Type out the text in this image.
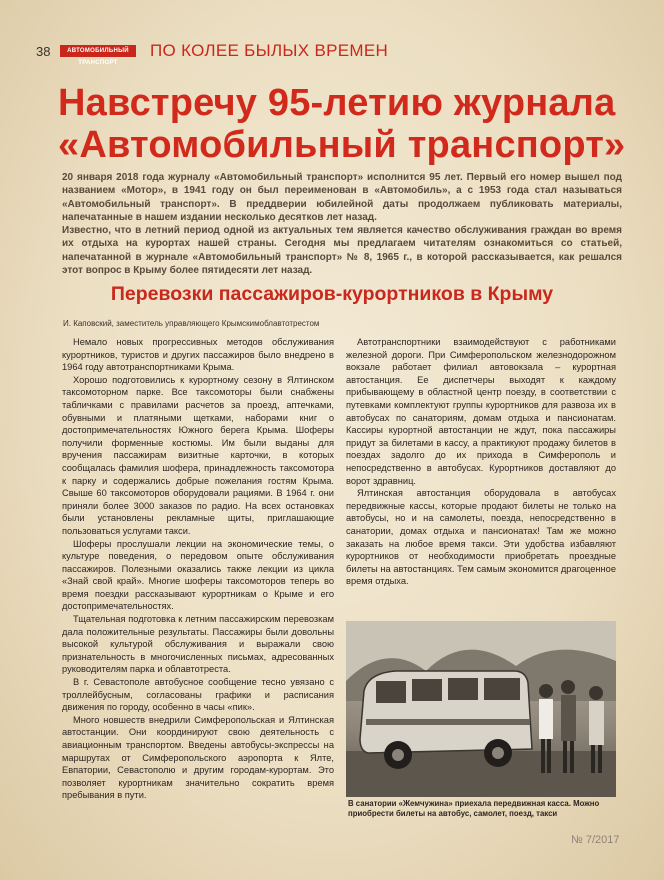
38	АВТОМОБИЛЬНЫЙ ТРАНСПОРТ
ПО КОЛЕЕ БЫЛЫХ ВРЕМЕН
Навстречу 95-летию журнала «Автомобильный транспорт»

20 января 2018 года журналу «Автомобильный транспорт» исполнится 95 лет. Первый его номер вышел под названием «Мотор», в 1941 году он был переименован в «Автомобиль», а с 1953 года стал называться «Автомобильный транспорт». В преддверии юбилейной даты продолжаем публиковать материалы, напечатанные в нашем издании несколько десятков лет назад.

Известно, что в летний период одной из актуальных тем является качество обслуживания граждан во время их отдыха на курортах нашей страны. Сегодня мы предлагаем читателям ознакомиться со статьей, напечатанной в журнале «Автомобильный транспорт» № 8, 1965 г., в которой рассказывается, как решался этот вопрос в Крыму более пятидесяти лет назад.

Перевозки пассажиров-курортников в Крыму
И. Каповский, заместитель управляющего Крымскимоблавтотрестом

Немало новых прогрессивных методов обслуживания курортников, туристов и других пассажиров было внедрено в 1964 году автотранспортниками Крыма.

Хорошо подготовились к курортному сезону в Ялтинском таксомоторном парке. Все таксомоторы были снабжены табличками с правилами расчетов за проезд, аптечками, обувными и платяными щетками, наборами книг о достопримечательностях Южного берега Крыма. Шоферы получили форменные костюмы. Им были выданы для вручения пассажирам визитные карточки, в которых сообщалась фамилия шофера, принадлежность таксомотора к парку и содержались добрые пожелания гостям Крыма. Свыше 60 таксомоторов оборудовали рациями. В 1964 г. они приняли более 3000 заказов по радио. На всех остановках были установлены рекламные щиты, приглашающие пользоваться услугами такси.

Шоферы прослушали лекции на экономические темы, о культуре поведения, о передовом опыте обслуживания пассажиров. Полезными оказались также лекции из цикла «Знай свой край». Многие шоферы таксомоторов теперь во время поездки рассказывают курортникам о Крыме и его достопримечательностях.

Тщательная подготовка к летним пассажирским перевозкам дала положительные результаты. Пассажиры были довольны высокой культурой обслуживания и выражали свою признательность в многочисленных письмах, адресованных руководителям парка и облавтотреста.

В г. Севастополе автобусное сообщение тесно увязано с троллейбусным, согласованы графики и расписания движения по городу, особенно в часы «пик».

Много новшеств внедрили Симферопольская и Ялтинская автостанции. Они координируют свою деятельность с авиационным транспортом. Введены автобусы-экспрессы на маршрутах от Симферопольского аэропорта к Ялте, Евпатории, Севастополю и другим городам-курортам. Это позволяет курортникам значительно сократить время пребывания в пути.

Автотранспортники взаимодействуют с работниками железной дороги. При Симферопольском железнодорожном вокзале работает филиал автовокзала – курортная автостанция. Ее диспетчеры выходят к каждому прибывающему в областной центр поезду, в соответствии с путевками комплектуют группы курортников для развоза их в автобусах по санаториям, домам отдыха и пансионатам. Кассиры курортной автостанции не ждут, пока пассажиры придут за билетами в кассу, а практикуют продажу билетов в поездах задолго до их прихода в Симферополь и непосредственно в автобусах. Курортников доставляют до ворот здравниц.

Ялтинская автостанция оборудовала в автобусах передвижные кассы, которые продают билеты не только на автобусы, но и на самолеты, поезда, непосредственно в санатории, домах отдыха и пансионатах! Там же можно заказать на любое время такси. Эти удобства избавляют курортников от необходимости приобретать проездные билеты на автостанциях. Тем самым экономится драгоценное время отдыха.

В санатории «Жемчужина» приехала передвижная касса. Можно приобрести билеты на автобус, самолет, поезд, такси
№ 7/2017
